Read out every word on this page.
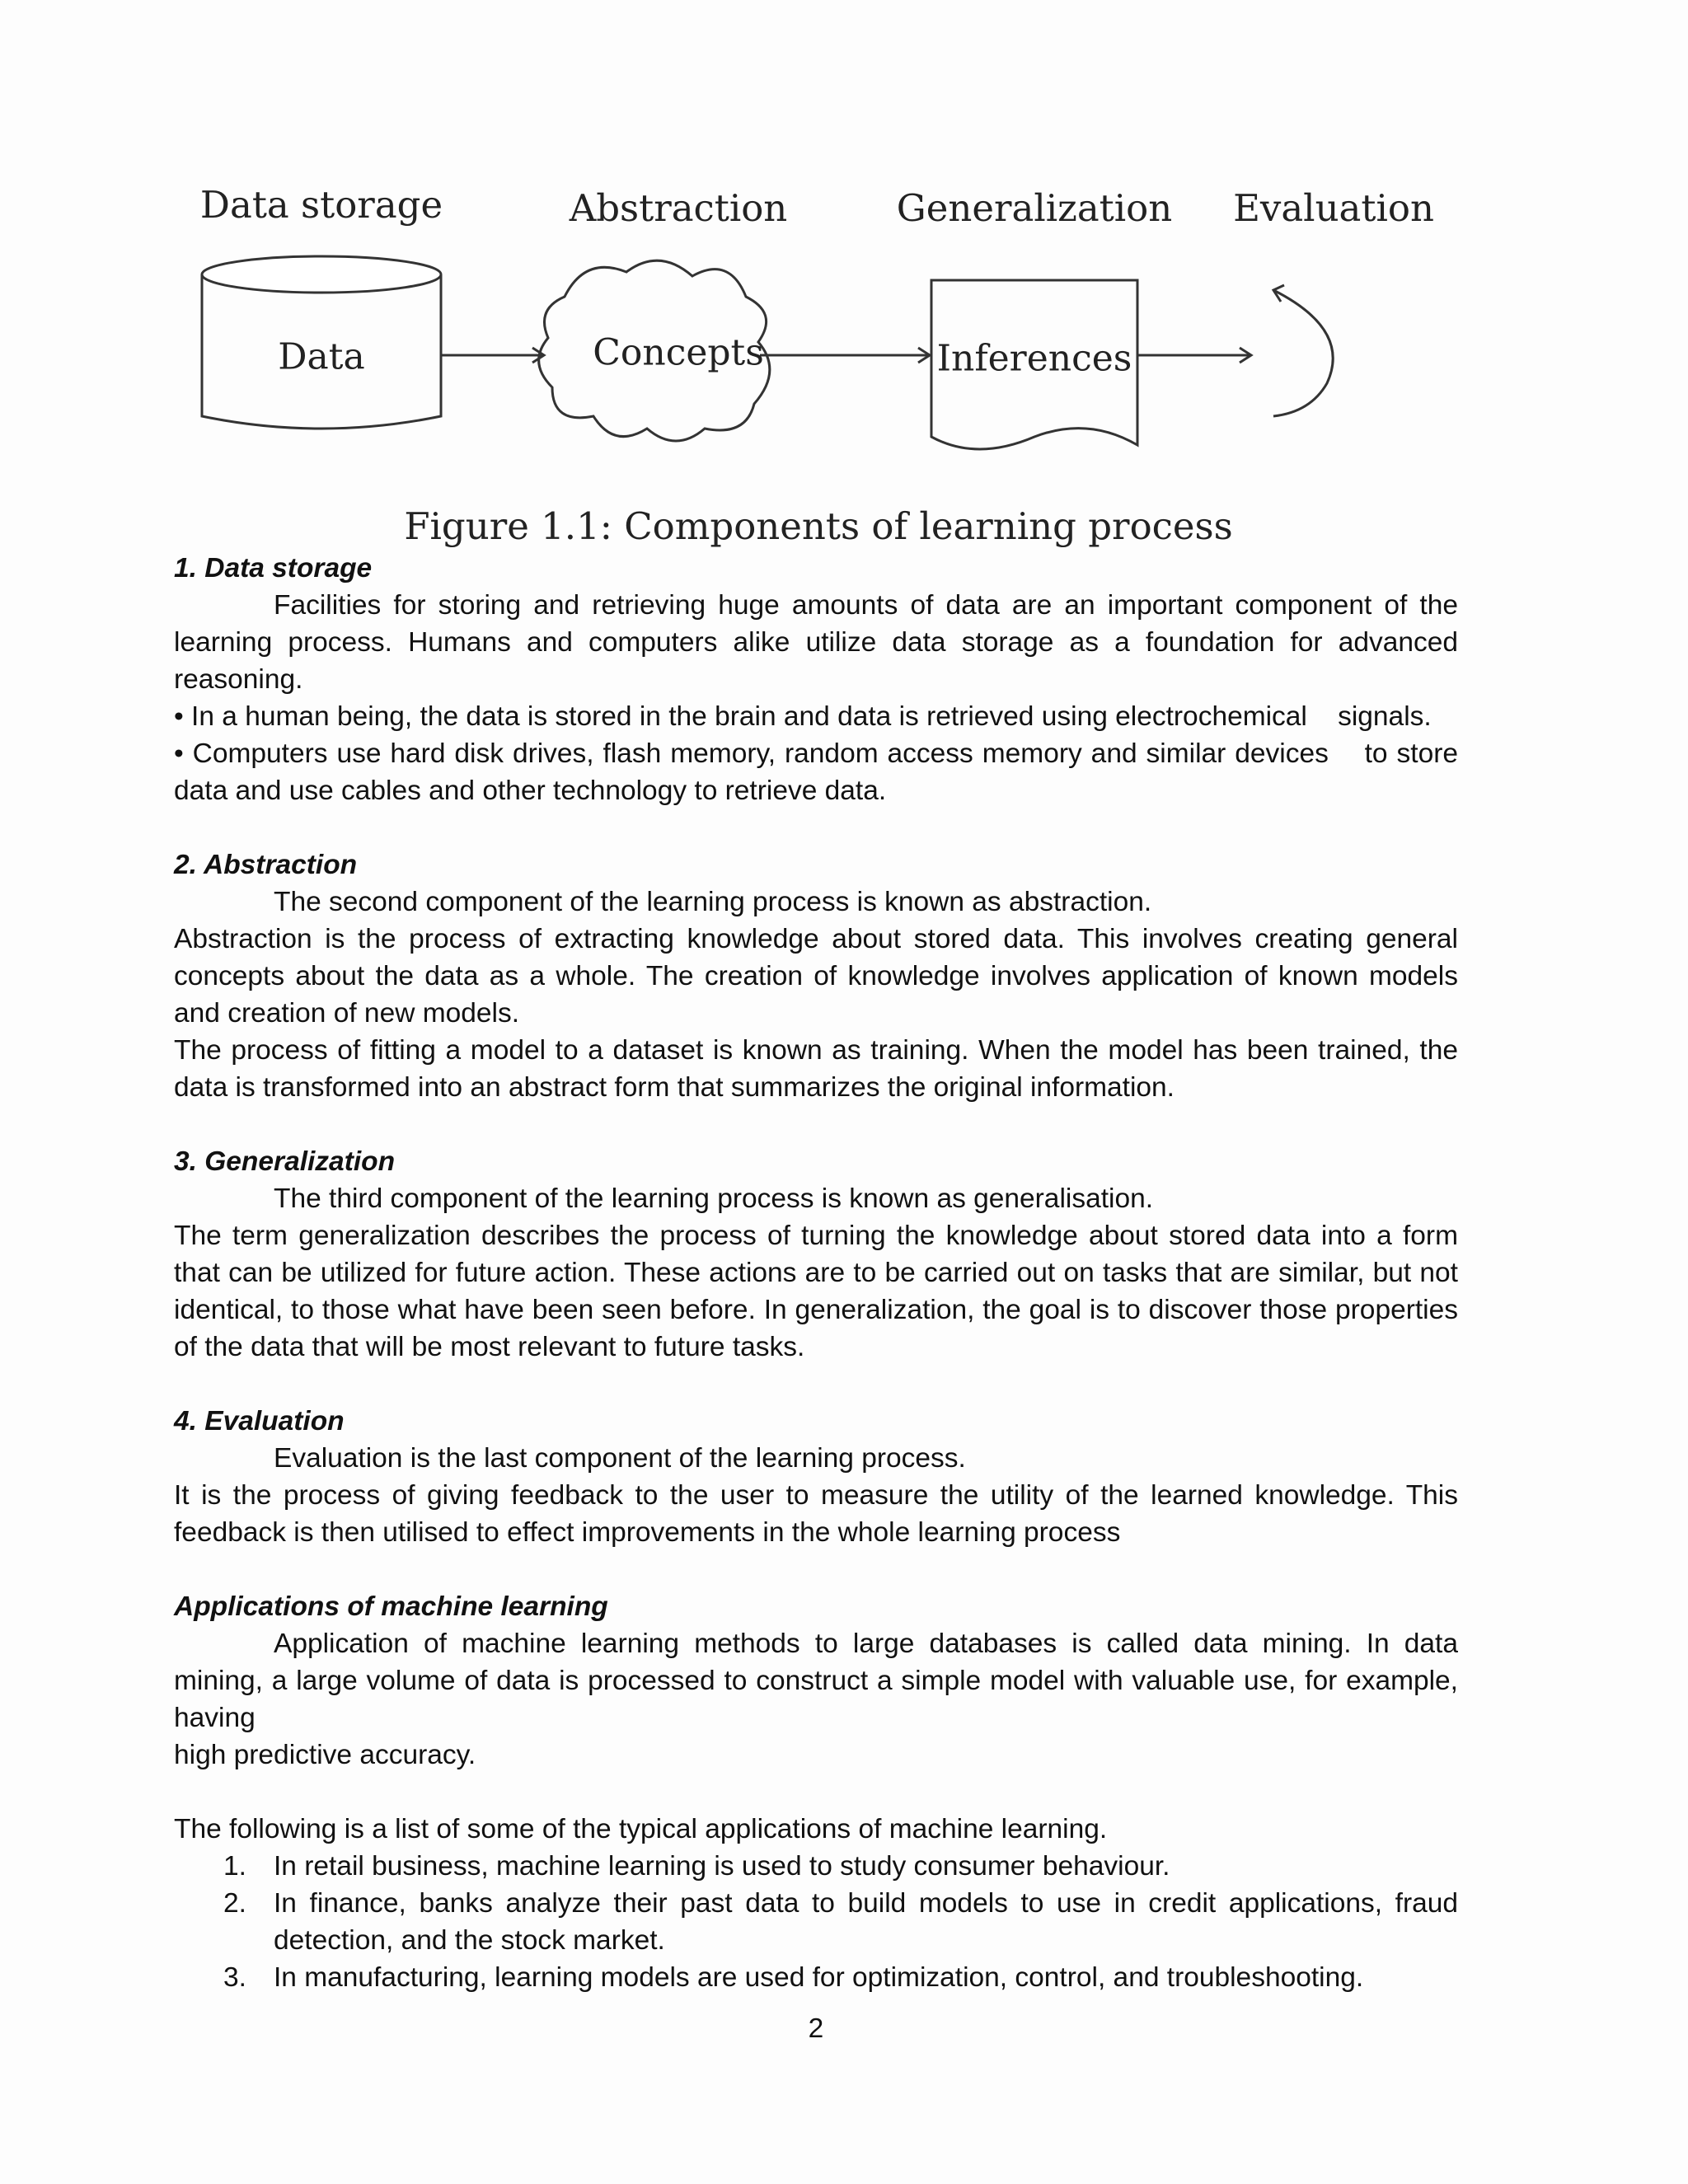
Data storage	Abstraction	Generalization Evaluation
Data	Concepts	Inferences
Figure 1.1: Components of learning process
1. Data storage

Facilities for storing and retrieving huge amounts of data are an important component of the learning process. Humans and computers alike utilize data storage as a foundation for advanced reasoning.

• In a human being, the data is stored in the brain and data is retrieved using electrochemical    signals.

• Computers use hard disk drives, flash memory, random access memory and similar devices    to store data and use cables and other technology to retrieve data.

2. Abstraction

The second component of the learning process is known as abstraction.

Abstraction is the process of extracting knowledge about stored data. This involves creating general concepts about the data as a whole. The creation of knowledge involves application of known models and creation of new models.

The process of fitting a model to a dataset is known as training. When the model has been trained, the data is transformed into an abstract form that summarizes the original information.

3. Generalization

The third component of the learning process is known as generalisation.

The term generalization describes the process of turning the knowledge about stored data into a form that can be utilized for future action. These actions are to be carried out on tasks that are similar, but not identical, to those what have been seen before. In generalization, the goal is to discover those properties of the data that will be most relevant to future tasks.

4. Evaluation

Evaluation is the last component of the learning process.

It is the process of giving feedback to the user to measure the utility of the learned knowledge. This feedback is then utilised to effect improvements in the whole learning process

Applications of machine learning

Application of machine learning methods to large databases is called data mining. In data mining, a large volume of data is processed to construct a simple model with valuable use, for example, having

high predictive accuracy.

The following is a list of some of the typical applications of machine learning.

1. In retail business, machine learning is used to study consumer behaviour.
2. In finance, banks analyze their past data to build models to use in credit applications, fraud detection, and the stock market.
3. In manufacturing, learning models are used for optimization, control, and troubleshooting.
2
